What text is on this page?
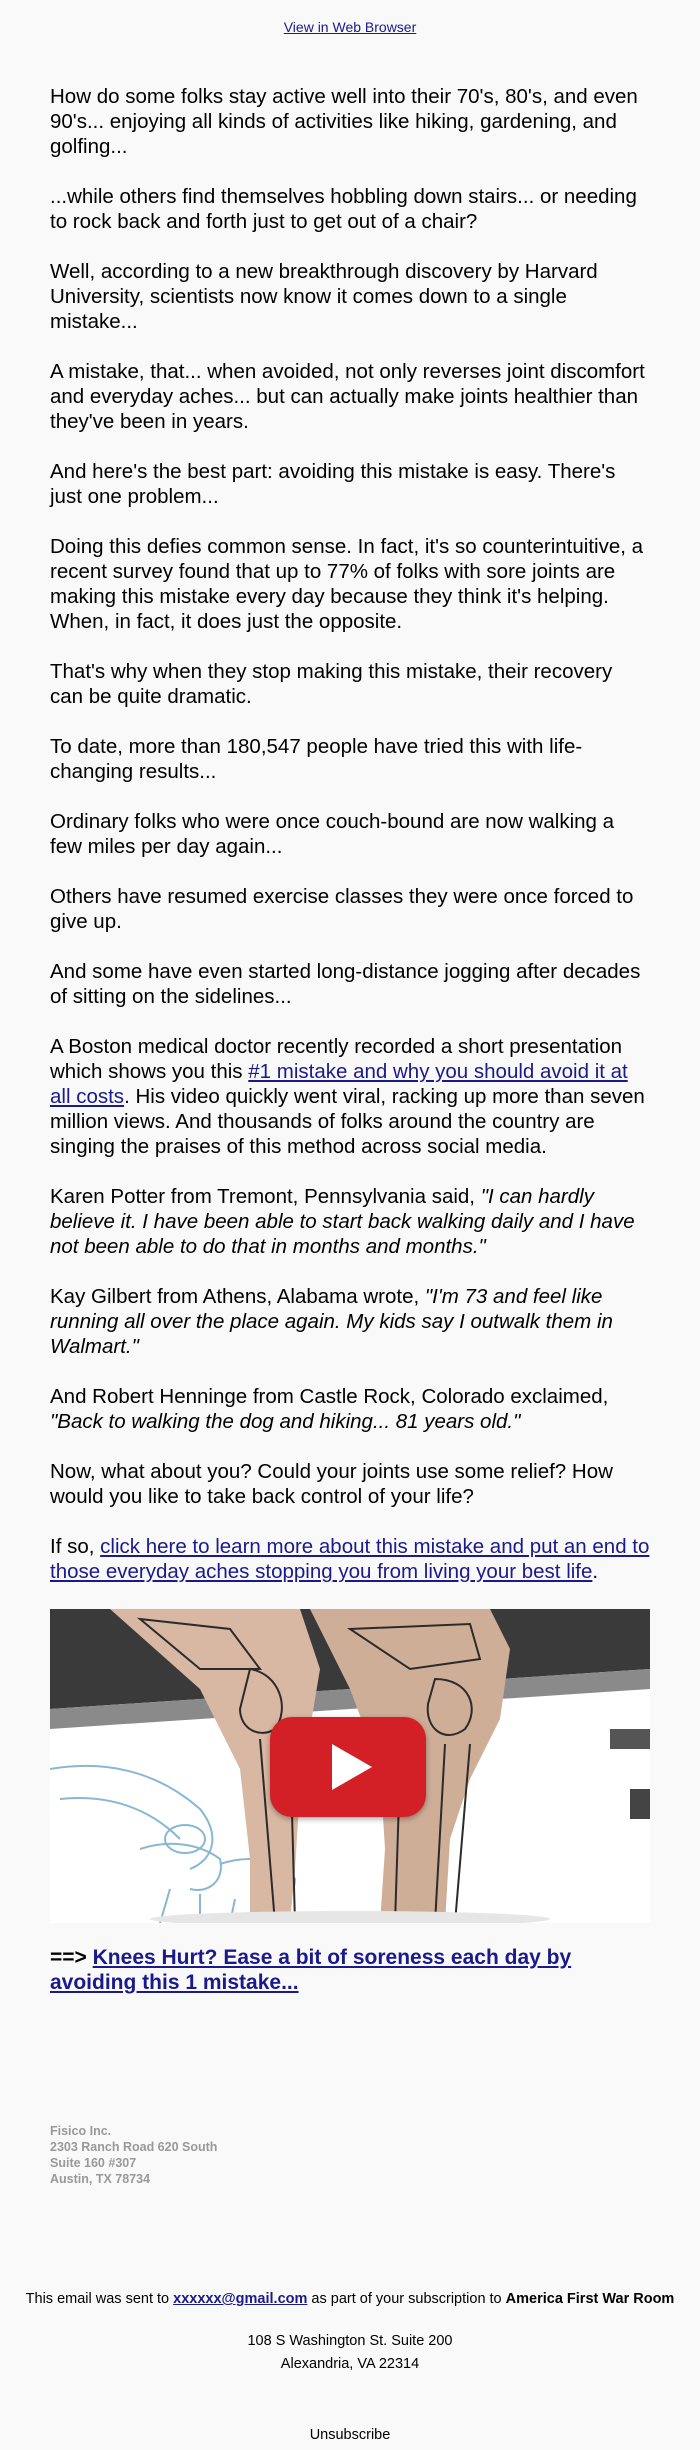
View in Web Browser

How do some folks stay active well into their 70's, 80's, and even 90's... enjoying all kinds of activities like hiking, gardening, and golfing...

...while others find themselves hobbling down stairs... or needing to rock back and forth just to get out of a chair?

Well, according to a new breakthrough discovery by Harvard University, scientists now know it comes down to a single mistake...

A mistake, that... when avoided, not only reverses joint discomfort and everyday aches... but can actually make joints healthier than they've been in years.

And here's the best part: avoiding this mistake is easy. There's just one problem...

Doing this defies common sense. In fact, it's so counterintuitive, a recent survey found that up to 77% of folks with sore joints are making this mistake every day because they think it's helping. When, in fact, it does just the opposite.

That's why when they stop making this mistake, their recovery can be quite dramatic.

To date, more than 180,547 people have tried this with life-changing results...

Ordinary folks who were once couch-bound are now walking a few miles per day again...

Others have resumed exercise classes they were once forced to give up.

And some have even started long-distance jogging after decades of sitting on the sidelines...

A Boston medical doctor recently recorded a short presentation which shows you this #1 mistake and why you should avoid it at all costs. His video quickly went viral, racking up more than seven million views. And thousands of folks around the country are singing the praises of this method across social media.

Karen Potter from Tremont, Pennsylvania said, "I can hardly believe it. I have been able to start back walking daily and I have not been able to do that in months and months."

Kay Gilbert from Athens, Alabama wrote, "I'm 73 and feel like running all over the place again. My kids say I outwalk them in Walmart."

And Robert Henninge from Castle Rock, Colorado exclaimed, "Back to walking the dog and hiking... 81 years old."

Now, what about you? Could your joints use some relief? How would you like to take back control of your life?

If so, click here to learn more about this mistake and put an end to those everyday aches stopping you from living your best life.

==> Knees Hurt? Ease a bit of soreness each day by avoiding this 1 mistake...
Fisico Inc.
2303 Ranch Road 620 South
Suite 160 #307
Austin, TX 78734
This email was sent to xxxxxx@gmail.com as part of your subscription to America First War Room
108 S Washington St. Suite 200
Alexandria, VA 22314
Unsubscribe
